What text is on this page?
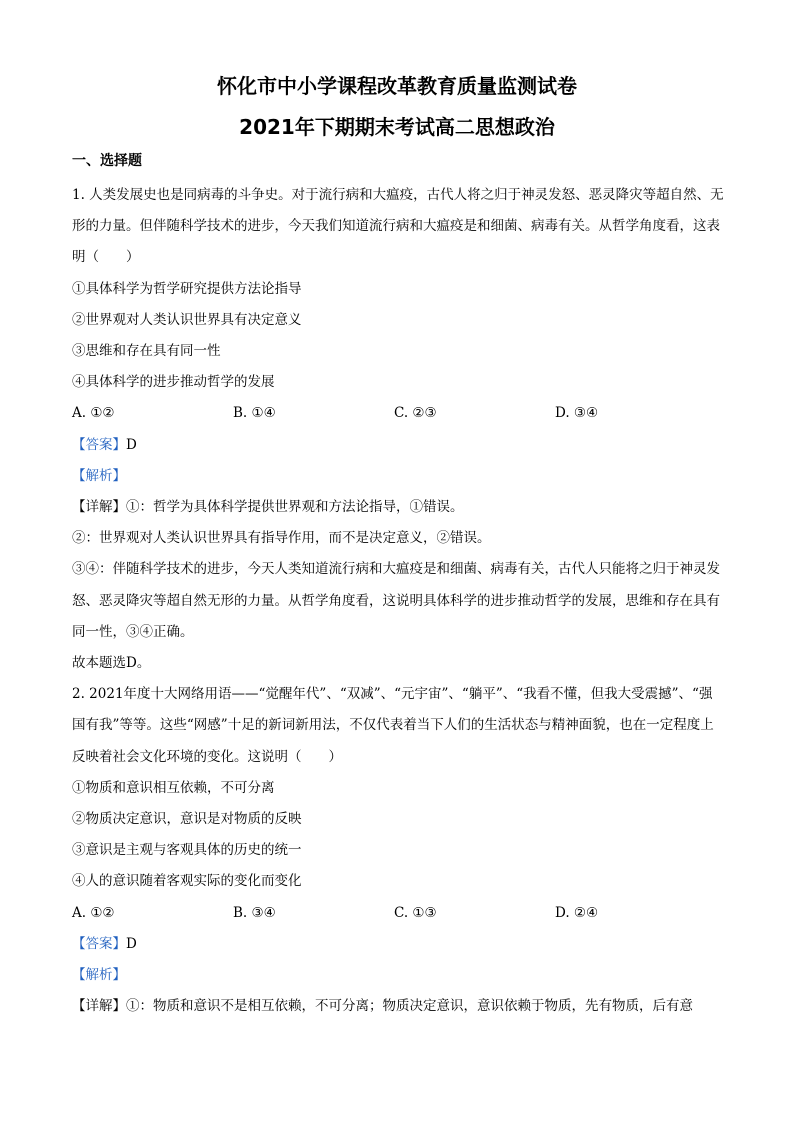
怀化市中小学课程改革教育质量监测试卷
2021年下期期末考试高二思想政治
一、选择题

1. 人类发展史也是同病毒的斗争史。对于流行病和大瘟疫，古代人将之归于神灵发怒、恶灵降灾等超自然、无形的力量。但伴随科学技术的进步，今天我们知道流行病和大瘟疫是和细菌、病毒有关。从哲学角度看，这表明（　　）

①具体科学为哲学研究提供方法论指导

②世界观对人类认识世界具有决定意义

③思维和存在具有同一性

④具体科学的进步推动哲学的发展

A. ①②	B. ①④	C. ②③	D. ③④

【答案】D

【解析】

【详解】①：哲学为具体科学提供世界观和方法论指导，①错误。

②：世界观对人类认识世界具有指导作用，而不是决定意义，②错误。

③④：伴随科学技术的进步，今天人类知道流行病和大瘟疫是和细菌、病毒有关，古代人只能将之归于神灵发怒、恶灵降灾等超自然无形的力量。从哲学角度看，这说明具体科学的进步推动哲学的发展，思维和存在具有同一性，③④正确。

故本题选D。

2. 2021年度十大网络用语——“觉醒年代”、“双减”、“元宇宙”、“躺平”、“我看不懂，但我大受震撼”、“强国有我”等等。这些“网感”十足的新词新用法，不仅代表着当下人们的生活状态与精神面貌，也在一定程度上反映着社会文化环境的变化。这说明（　　）

①物质和意识相互依赖，不可分离

②物质决定意识，意识是对物质的反映

③意识是主观与客观具体的历史的统一

④人的意识随着客观实际的变化而变化

A. ①②	B. ③④	C. ①③	D. ②④

【答案】D

【解析】

【详解】①：物质和意识不是相互依赖，不可分离；物质决定意识，意识依赖于物质，先有物质，后有意
